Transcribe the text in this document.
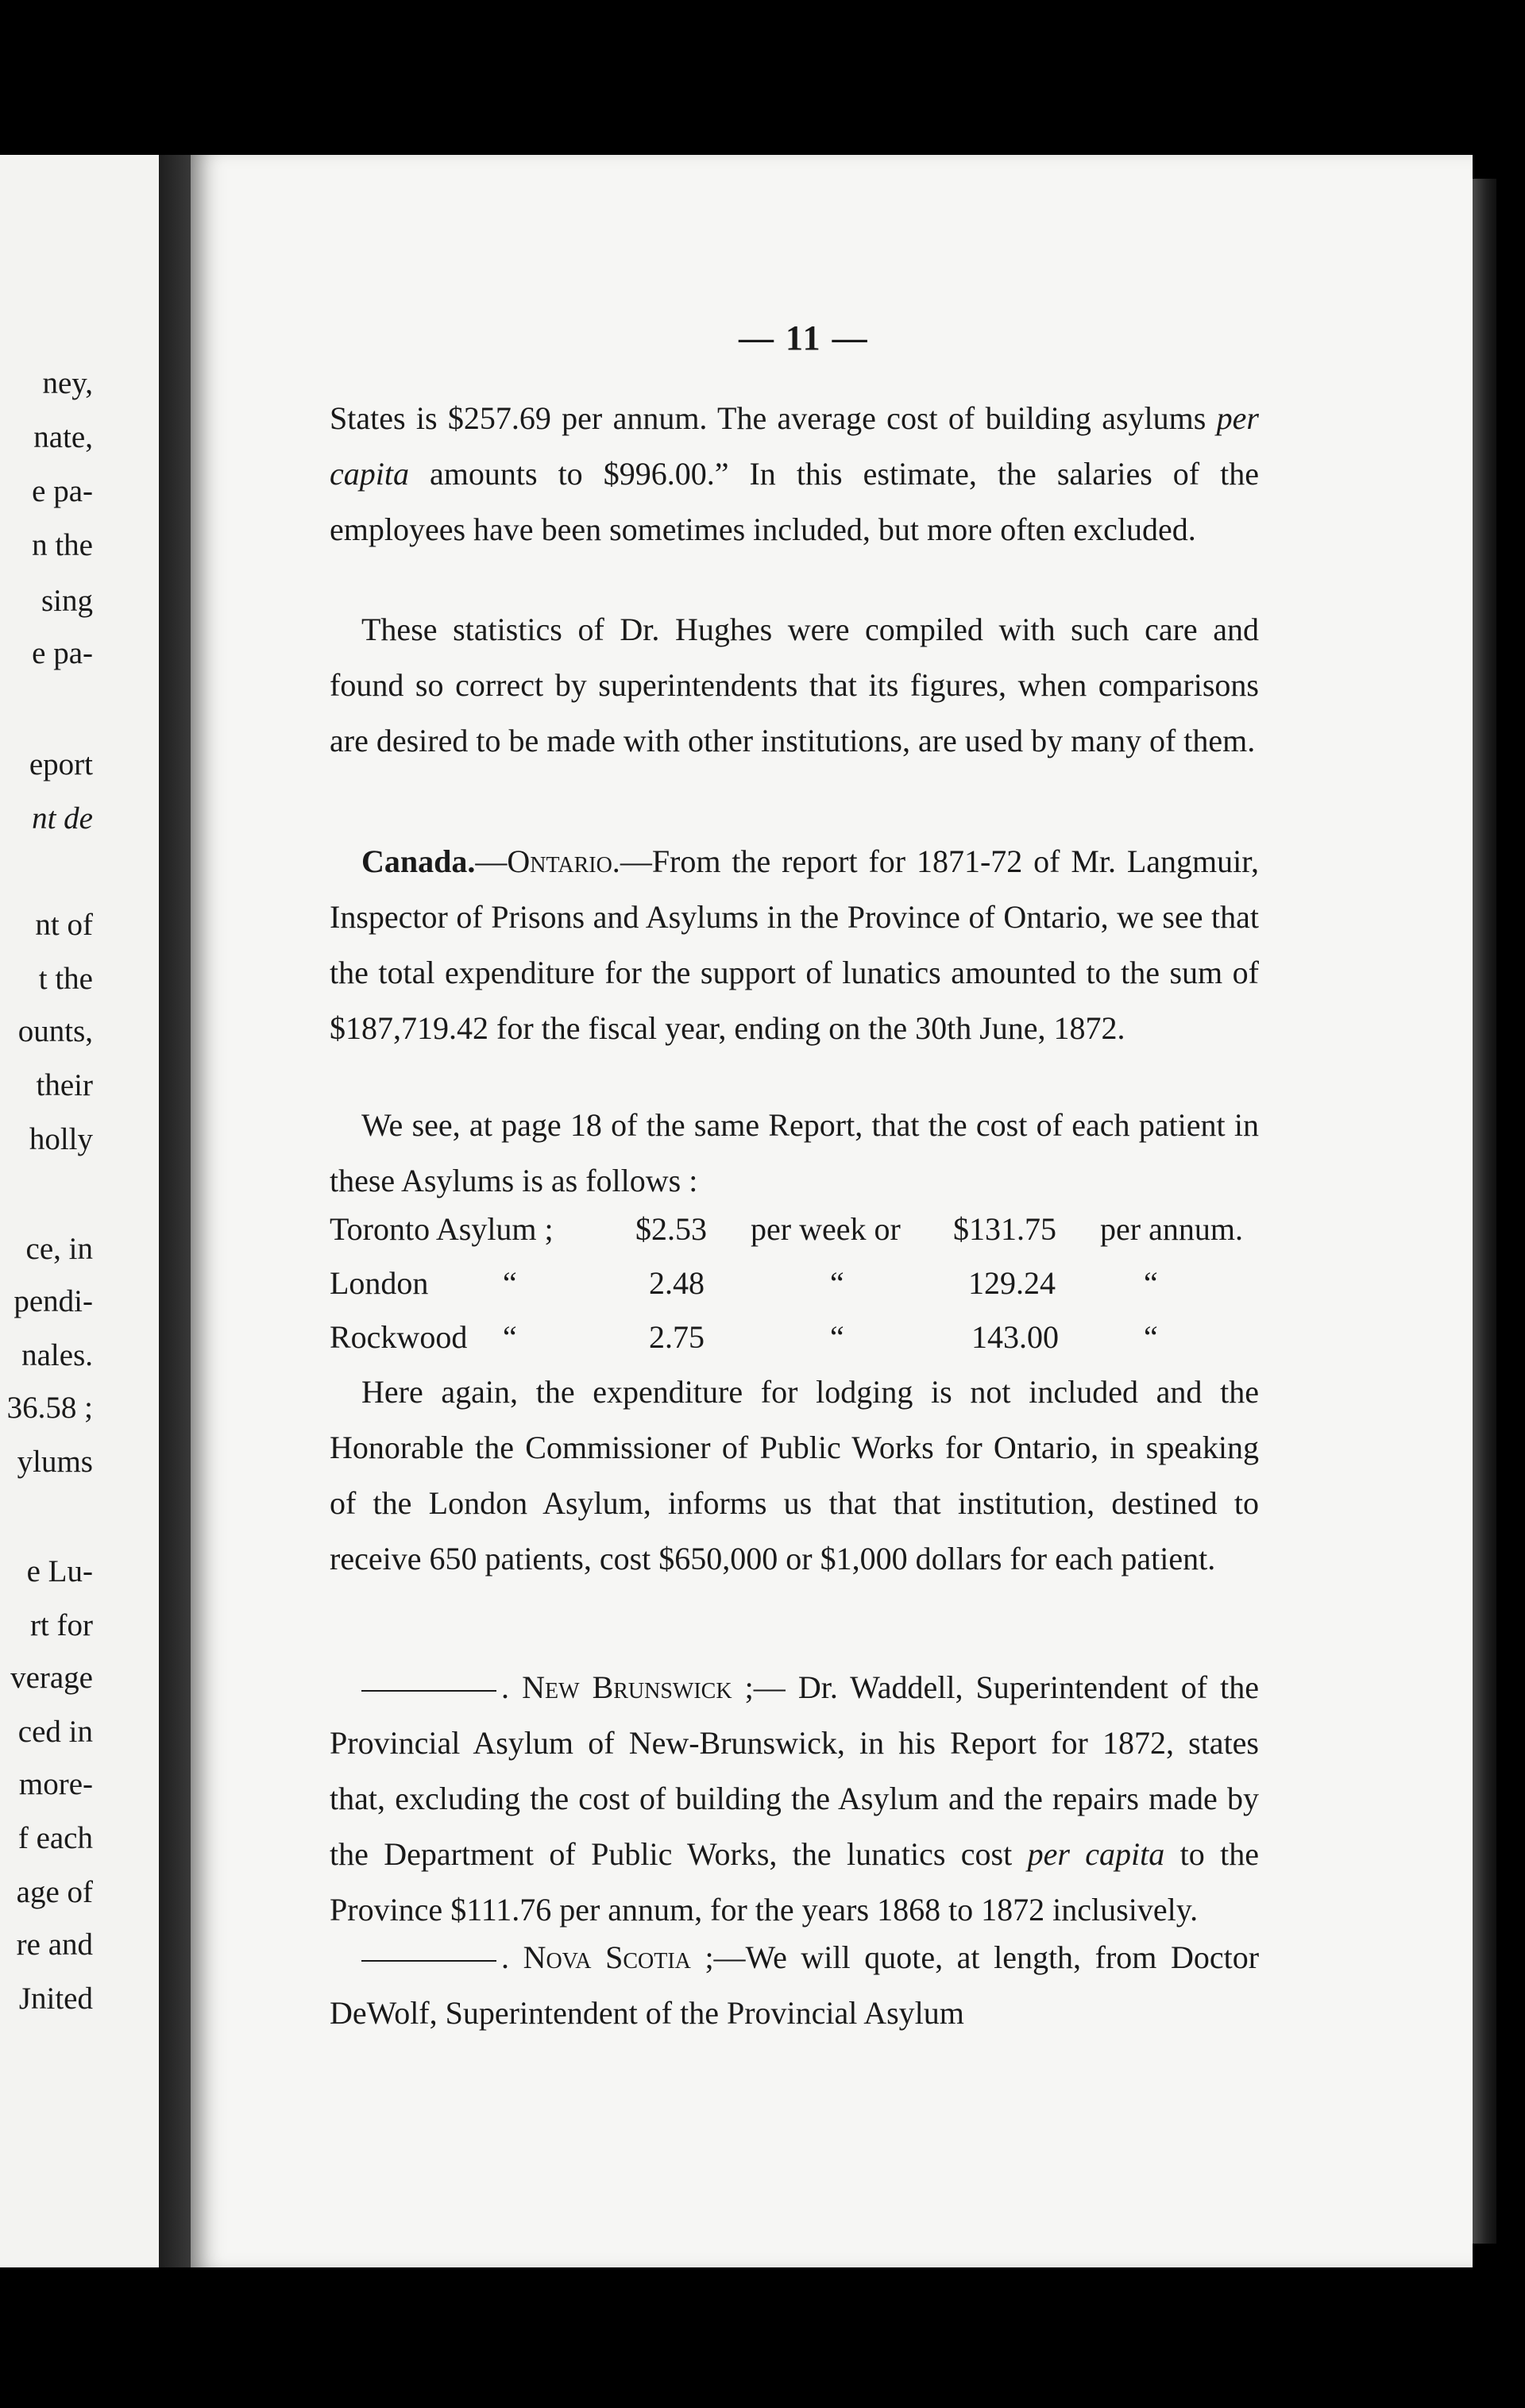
ney,

nate,

e pa-

n the

sing

e pa-

eport

nt de

nt of

t the

ounts,

their

holly

ce, in

pendi-

nales.

36.58 ;

ylums

e Lu-

rt for

verage

ced in

more-

f each

age of

re and

Jnited

— 11 —

States is $257.69 per annum. The average cost of building asylums per capita amounts to $996.00.” In this estimate, the salaries of the employees have been sometimes included, but more often excluded.

These statistics of Dr. Hughes were compiled with such care and found so correct by superintendents that its figures, when comparisons are desired to be made with other institutions, are used by many of them.

Canada.—Ontario.—From the report for 1871-72 of Mr. Langmuir, Inspector of Prisons and Asylums in the Province of Ontario, we see that the total expenditure for the support of lunatics amounted to the sum of $187,719.42 for the fiscal year, ending on the 30th June, 1872.

We see, at page 18 of the same Report, that the cost of each patient in these Asylums is as follows :

Toronto Asylum ;	$2.53 per week or $131.75 per annum.
London “	2.48	“	129.24	“
Rockwood “	2.75	“	143.00	“

Here again, the expenditure for lodging is not included and the Honorable the Commissioner of Public Works for Ontario, in speaking of the London Asylum, informs us that that institution, destined to receive 650 patients, cost $650,000 or $1,000 dollars for each patient.

. New Brunswick ;— Dr. Waddell, Superintendent of the Provincial Asylum of New-Brunswick, in his Report for 1872, states that, excluding the cost of building the Asylum and the repairs made by the Department of Public Works, the lunatics cost per capita to the Province $111.76 per annum, for the years 1868 to 1872 inclusively.

. Nova Scotia ;—We will quote, at length, from Doctor DeWolf, Superintendent of the Provincial Asylum
